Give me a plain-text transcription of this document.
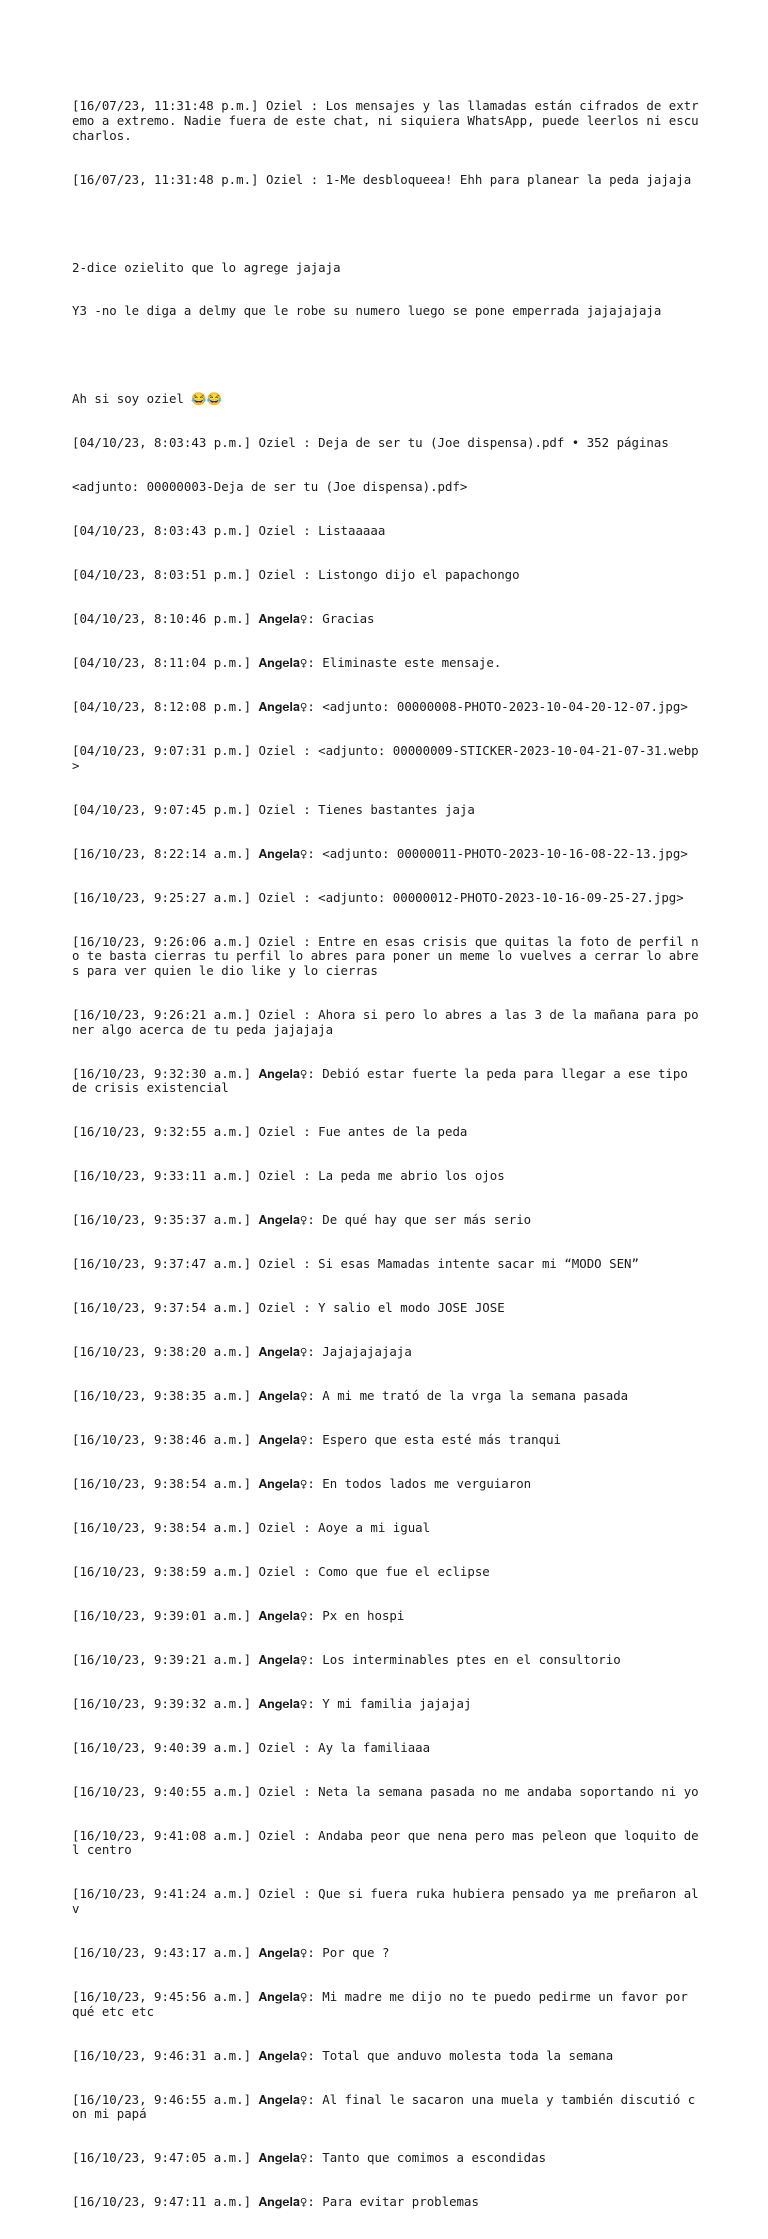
[16/07/23, 11:31:48 p.m.] Oziel : Los mensajes y las llamadas están cifrados de extremo a extremo. Nadie fuera de este chat, ni siquiera WhatsApp, puede leerlos ni escucharlos.

[16/07/23, 11:31:48 p.m.] Oziel : 1-Me desbloqueea! Ehh para planear la peda jajaja

2-dice ozielito que lo agrege jajaja

Y3 -no le diga a delmy que le robe su numero luego se pone emperrada jajajajaja

Ah si soy oziel 😂😂

[04/10/23, 8:03:43 p.m.] Oziel : Deja de ser tu (Joe dispensa).pdf • 352 páginas

<adjunto: 00000003-Deja de ser tu (Joe dispensa).pdf>

[04/10/23, 8:03:43 p.m.] Oziel : Listaaaaa

[04/10/23, 8:03:51 p.m.] Oziel : Listongo dijo el papachongo

[04/10/23, 8:10:46 p.m.] 𝐀𝐧𝐠𝐞𝐥𝐚♀: Gracias

[04/10/23, 8:11:04 p.m.] 𝐀𝐧𝐠𝐞𝐥𝐚♀: Eliminaste este mensaje.

[04/10/23, 8:12:08 p.m.] 𝐀𝐧𝐠𝐞𝐥𝐚♀: <adjunto: 00000008-PHOTO-2023-10-04-20-12-07.jpg>

[04/10/23, 9:07:31 p.m.] Oziel : <adjunto: 00000009-STICKER-2023-10-04-21-07-31.webp>

[04/10/23, 9:07:45 p.m.] Oziel : Tienes bastantes jaja

[16/10/23, 8:22:14 a.m.] 𝐀𝐧𝐠𝐞𝐥𝐚♀: <adjunto: 00000011-PHOTO-2023-10-16-08-22-13.jpg>

[16/10/23, 9:25:27 a.m.] Oziel : <adjunto: 00000012-PHOTO-2023-10-16-09-25-27.jpg>

[16/10/23, 9:26:06 a.m.] Oziel : Entre en esas crisis que quitas la foto de perfil no te basta cierras tu perfil lo abres para poner un meme lo vuelves a cerrar lo abres para ver quien le dio like y lo cierras

[16/10/23, 9:26:21 a.m.] Oziel : Ahora si pero lo abres a las 3 de la mañana para poner algo acerca de tu peda jajajaja

[16/10/23, 9:32:30 a.m.] 𝐀𝐧𝐠𝐞𝐥𝐚♀: Debió estar fuerte la peda para llegar a ese tipo de crisis existencial

[16/10/23, 9:32:55 a.m.] Oziel : Fue antes de la peda

[16/10/23, 9:33:11 a.m.] Oziel : La peda me abrio los ojos

[16/10/23, 9:35:37 a.m.] 𝐀𝐧𝐠𝐞𝐥𝐚♀: De qué hay que ser más serio

[16/10/23, 9:37:47 a.m.] Oziel : Si esas Mamadas intente sacar mi “MODO SEN”

[16/10/23, 9:37:54 a.m.] Oziel : Y salio el modo JOSE JOSE

[16/10/23, 9:38:20 a.m.] 𝐀𝐧𝐠𝐞𝐥𝐚♀: Jajajajajaja

[16/10/23, 9:38:35 a.m.] 𝐀𝐧𝐠𝐞𝐥𝐚♀: A mi me trató de la vrga la semana pasada

[16/10/23, 9:38:46 a.m.] 𝐀𝐧𝐠𝐞𝐥𝐚♀: Espero que esta esté más tranqui

[16/10/23, 9:38:54 a.m.] 𝐀𝐧𝐠𝐞𝐥𝐚♀: En todos lados me verguiaron

[16/10/23, 9:38:54 a.m.] Oziel : Aoye a mi igual

[16/10/23, 9:38:59 a.m.] Oziel : Como que fue el eclipse

[16/10/23, 9:39:01 a.m.] 𝐀𝐧𝐠𝐞𝐥𝐚♀: Px en hospi

[16/10/23, 9:39:21 a.m.] 𝐀𝐧𝐠𝐞𝐥𝐚♀: Los interminables ptes en el consultorio

[16/10/23, 9:39:32 a.m.] 𝐀𝐧𝐠𝐞𝐥𝐚♀: Y mi familia jajajaj

[16/10/23, 9:40:39 a.m.] Oziel : Ay la familiaaa

[16/10/23, 9:40:55 a.m.] Oziel : Neta la semana pasada no me andaba soportando ni yo

[16/10/23, 9:41:08 a.m.] Oziel : Andaba peor que nena pero mas peleon que loquito del centro

[16/10/23, 9:41:24 a.m.] Oziel : Que si fuera ruka hubiera pensado ya me preñaron alv

[16/10/23, 9:43:17 a.m.] 𝐀𝐧𝐠𝐞𝐥𝐚♀: Por que ?

[16/10/23, 9:45:56 a.m.] 𝐀𝐧𝐠𝐞𝐥𝐚♀: Mi madre me dijo no te puedo pedirme un favor por qué etc etc

[16/10/23, 9:46:31 a.m.] 𝐀𝐧𝐠𝐞𝐥𝐚♀: Total que anduvo molesta toda la semana

[16/10/23, 9:46:55 a.m.] 𝐀𝐧𝐠𝐞𝐥𝐚♀: Al final le sacaron una muela y también discutió con mi papá

[16/10/23, 9:47:05 a.m.] 𝐀𝐧𝐠𝐞𝐥𝐚♀: Tanto que comimos a escondidas

[16/10/23, 9:47:11 a.m.] 𝐀𝐧𝐠𝐞𝐥𝐚♀: Para evitar problemas
